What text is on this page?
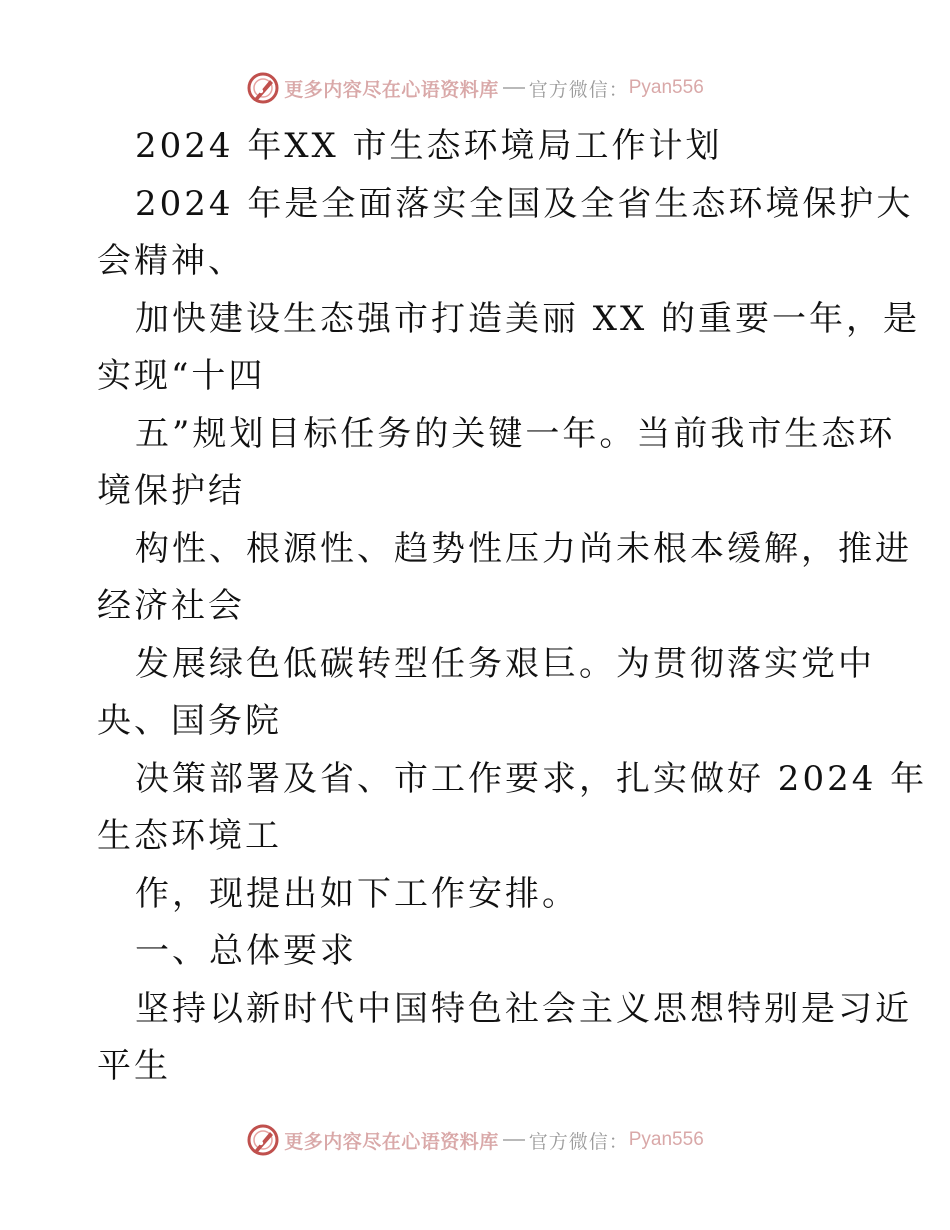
更多内容尽在心语资料库 官方微信： Pyan556
2024 年XX 市生态环境局工作计划
2024 年是全面落实全国及全省生态环境保护大
会精神、
加快建设生态强市打造美丽 XX 的重要一年，是
实现“十四
五”规划目标任务的关键一年。当前我市生态环
境保护结
构性、根源性、趋势性压力尚未根本缓解，推进
经济社会
发展绿色低碳转型任务艰巨。为贯彻落实党中
央、国务院
决策部署及省、市工作要求，扎实做好 2024 年
生态环境工
作，现提出如下工作安排。
一、总体要求
坚持以新时代中国特色社会主义思想特别是习近
平生
更多内容尽在心语资料库 官方微信： Pyan556
